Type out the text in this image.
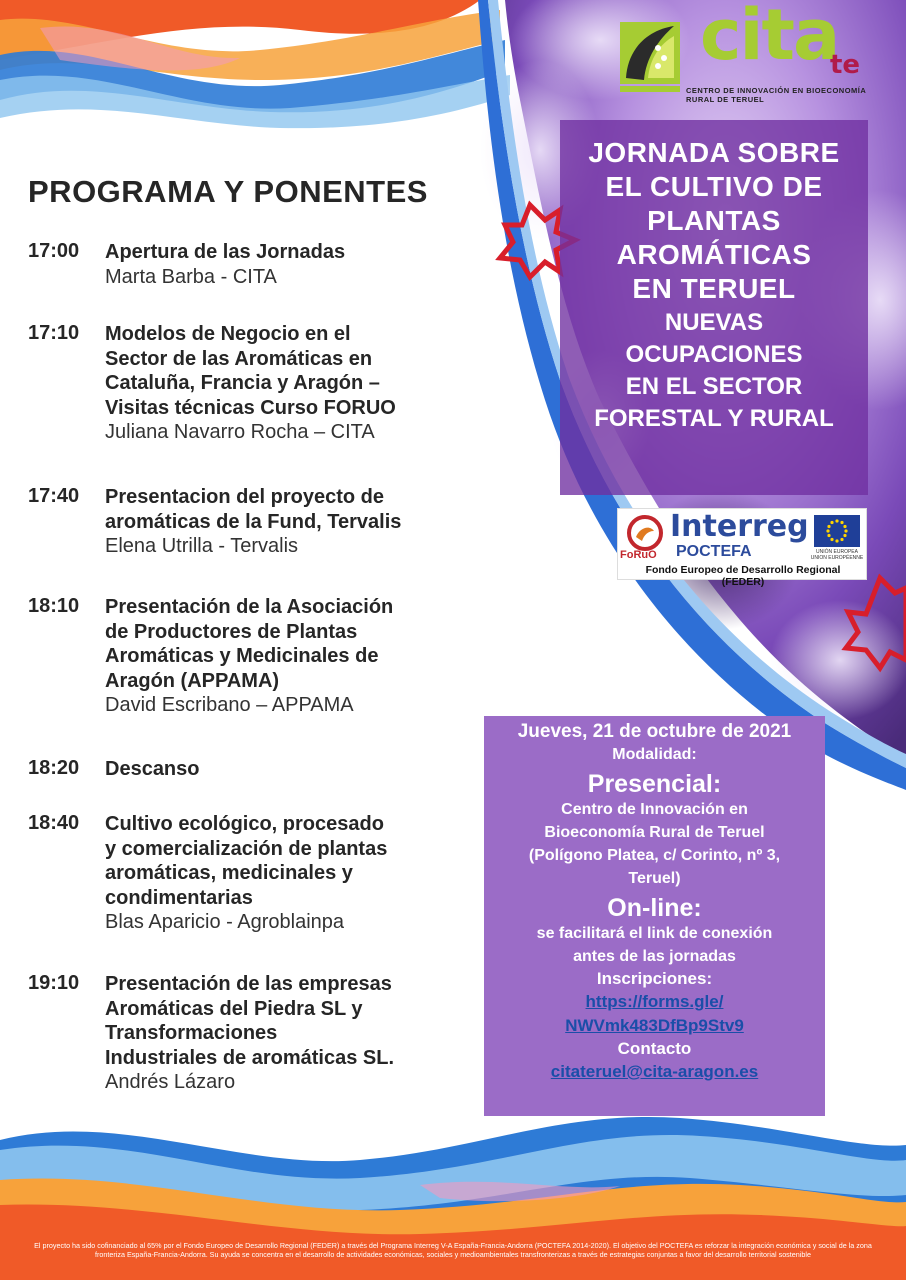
cita
te
CENTRO DE INNOVACIÓN EN BIOECONOMÍA RURAL DE TERUEL
JORNADA SOBRE
EL CULTIVO DE
PLANTAS
AROMÁTICAS
EN TERUEL
NUEVAS
OCUPACIONES
EN EL SECTOR
FORESTAL Y RURAL
FoRuO
Interreg
POCTEFA	UNIÓN EUROPEA UNION EUROPÉENNE
Fondo Europeo de Desarrollo Regional (FEDER)
PROGRAMA Y PONENTES
17:00 Apertura de las Jornadas
Marta Barba - CITA
17:10 Modelos de Negocio en el
Sector de las Aromáticas en
Cataluña, Francia y Aragón –
Visitas técnicas Curso FORUO
Juliana Navarro Rocha – CITA
17:40 Presentacion del proyecto de
aromáticas de la Fund, Tervalis
Elena Utrilla - Tervalis
18:10 Presentación de la Asociación
de Productores de Plantas
Aromáticas y Medicinales de
Aragón (APPAMA)
David Escribano – APPAMA
18:20 Descanso
18:40 Cultivo ecológico, procesado
y comercialización de plantas
aromáticas, medicinales y
condimentarias
Blas Aparicio - Agroblainpa
19:10 Presentación de las empresas
Aromáticas del Piedra SL y
Transformaciones
Industriales de aromáticas SL.
Andrés Lázaro
Jueves, 21 de octubre de 2021
Modalidad:
Presencial:
Centro de Innovación en
Bioeconomía Rural de Teruel
(Polígono Platea, c/ Corinto, nº 3,
Teruel)
On-line:
se facilitará el link de conexión
antes de las jornadas
Inscripciones:
https://forms.gle/
NWVmk483DfBp9Stv9
Contacto
citateruel@cita-aragon.es
El proyecto ha sido cofinanciado al 65% por el Fondo Europeo de Desarrollo Regional (FEDER) a través del Programa Interreg V-A España-Francia-Andorra (POCTEFA 2014-2020). El objetivo del POCTEFA es reforzar la integración económica y social de la zona fronteriza España-Francia-Andorra. Su ayuda se concentra en el desarrollo de actividades económicas, sociales y medioambientales transfronterizas a través de estrategias conjuntas a favor del desarrollo territorial sostenible
